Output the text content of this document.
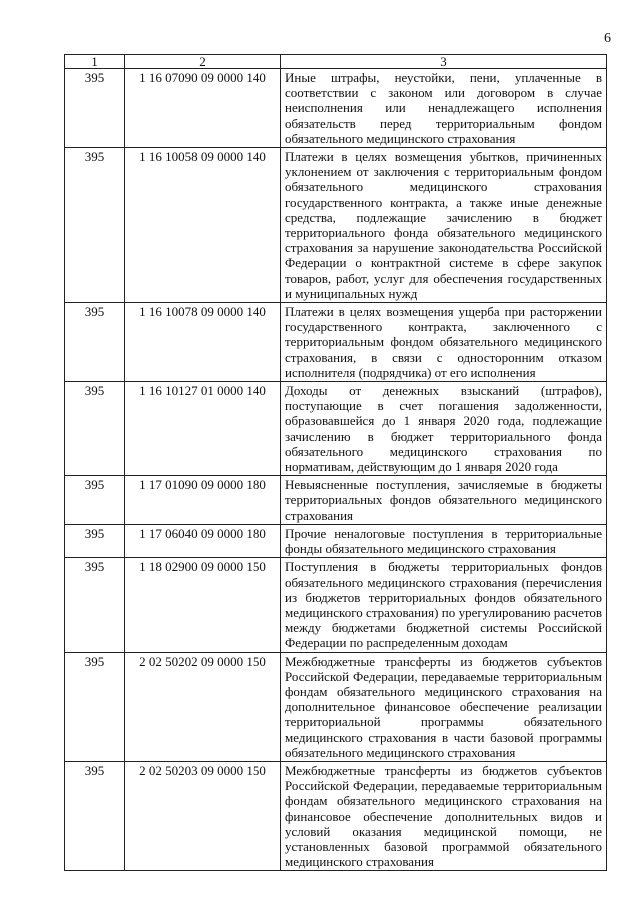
6
1	2	3
395	1 16 07090 09 0000 140	Иные штрафы, неустойки, пени, уплаченные в соответствии с законом или договором в случае неисполнения или ненадлежащего исполнения обязательств перед территориальным фондом обязательного медицинского страхования
395	1 16 10058 09 0000 140	Платежи в целях возмещения убытков, причиненных уклонением от заключения с территориальным фондом обязательного медицинского страхования государственного контракта, а также иные денежные средства, подлежащие зачислению в бюджет территориального фонда обязательного медицинского страхования за нарушение законодательства Российской Федерации о контрактной системе в сфере закупок товаров, работ, услуг для обеспечения государственных и муниципальных нужд
395	1 16 10078 09 0000 140	Платежи в целях возмещения ущерба при расторжении государственного контракта, заключенного с территориальным фондом обязательного медицинского страхования, в связи с односторонним отказом исполнителя (подрядчика) от его исполнения
395	1 16 10127 01 0000 140	Доходы от денежных взысканий (штрафов), поступающие в счет погашения задолженности, образовавшейся до 1 января 2020 года, подлежащие зачислению в бюджет территориального фонда обязательного медицинского страхования по нормативам, действующим до 1 января 2020 года
395	1 17 01090 09 0000 180	Невыясненные поступления, зачисляемые в бюджеты территориальных фондов обязательного медицинского страхования
395	1 17 06040 09 0000 180	Прочие неналоговые поступления в территориальные фонды обязательного медицинского страхования
395	1 18 02900 09 0000 150	Поступления в бюджеты территориальных фондов обязательного медицинского страхования (перечисления из бюджетов территориальных фондов обязательного медицинского страхования) по урегулированию расчетов между бюджетами бюджетной системы Российской Федерации по распределенным доходам
395	2 02 50202 09 0000 150	Межбюджетные трансферты из бюджетов субъектов Российской Федерации, передаваемые территориальным фондам обязательного медицинского страхования на дополнительное финансовое обеспечение реализации территориальной программы обязательного медицинского страхования в части базовой программы обязательного медицинского страхования
395	2 02 50203 09 0000 150	Межбюджетные трансферты из бюджетов субъектов Российской Федерации, передаваемые территориальным фондам обязательного медицинского страхования на финансовое обеспечение дополнительных видов и условий оказания медицинской помощи, не установленных базовой программой обязательного медицинского страхования
